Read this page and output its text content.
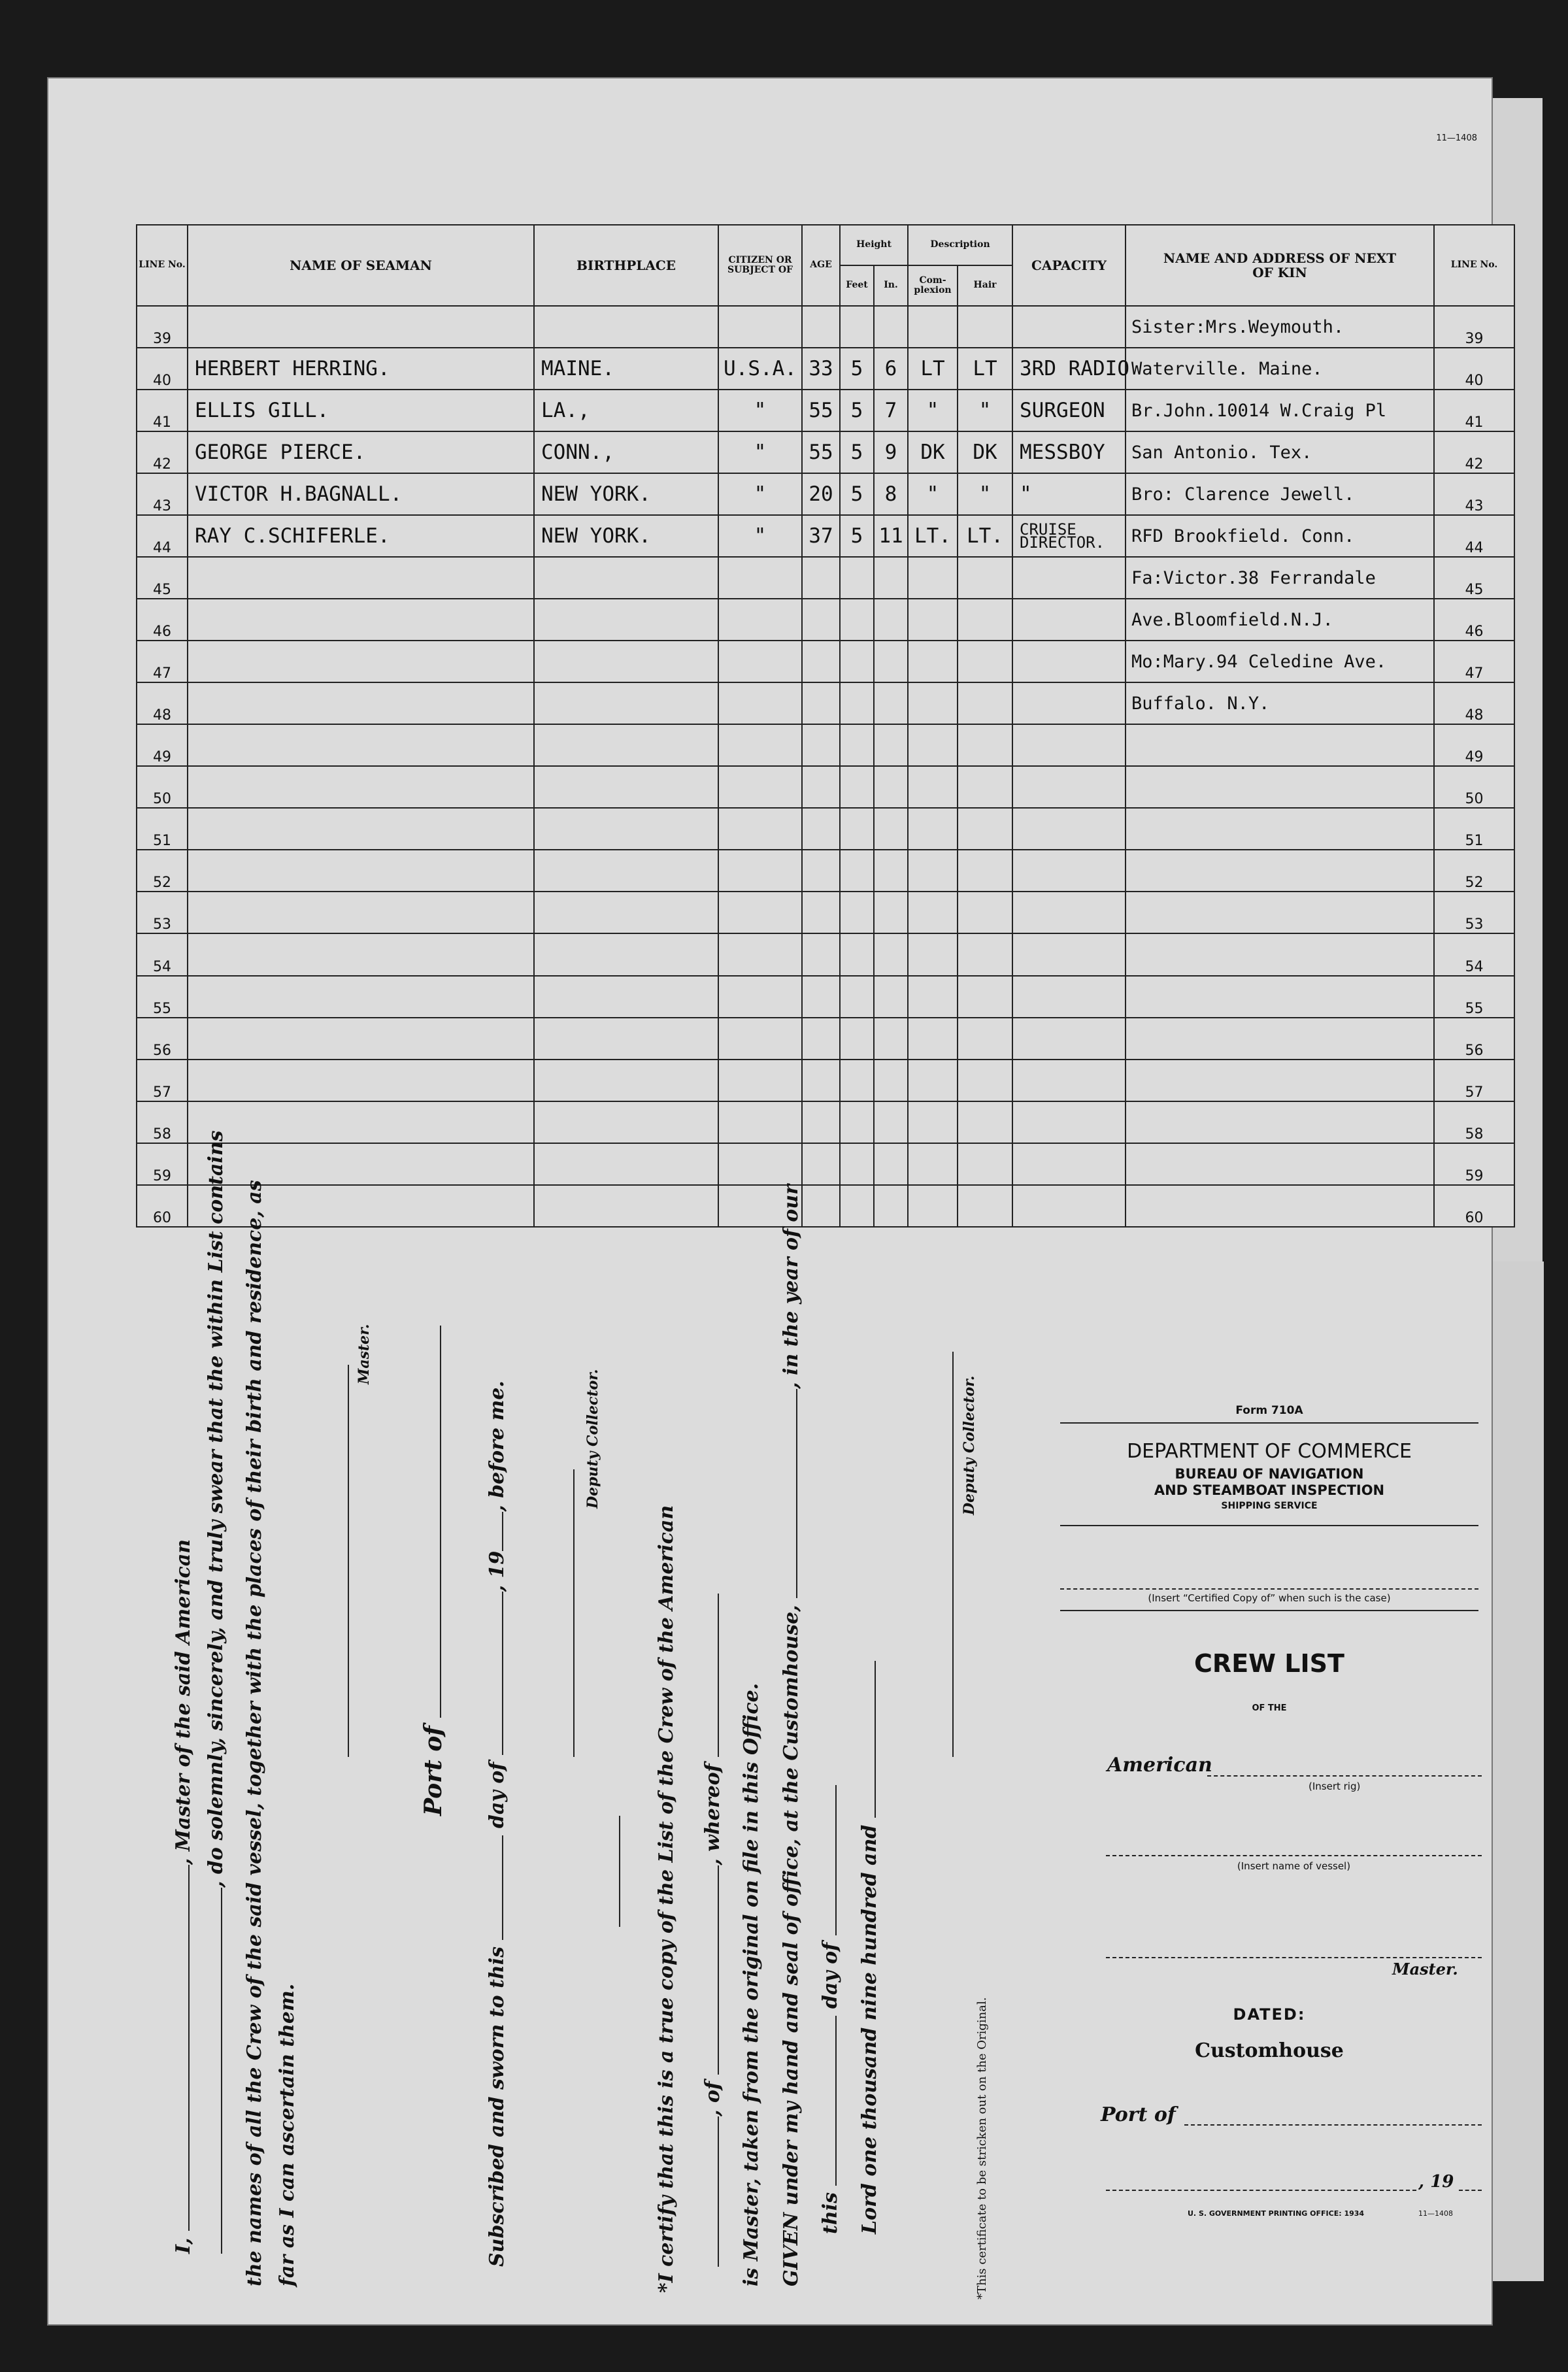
11—1408
LINE No.	NAME OF SEAMAN	BIRTHPLACE	CITIZEN OR SUBJECT OF	AGE	Height		Description		CAPACITY	NAME AND ADDRESS OF NEXT OF KIN	LINE No.
					Feet	In.	Com-plexion	Hair			
39										Sister:Mrs.Weymouth.	39
40	HERBERT HERRING.	MAINE.	U.S.A.	33	5	6	LT	LT	3RD RADIO	Waterville. Maine.	40
41	ELLIS GILL.	LA.,	"	55	5	7	"	"	SURGEON	Br.John.10014 W.Craig Pl	41
42	GEORGE PIERCE.	CONN.,	"	55	5	9	DK	DK	MESSBOY	San Antonio. Tex.	42
43	VICTOR H.BAGNALL.	NEW YORK.	"	20	5	8	"	"	"	Bro: Clarence Jewell.	43
44	RAY C.SCHIFERLE.	NEW YORK.	"	37	5	11	LT.	LT.	CRUISE DIRECTOR.	RFD Brookfield. Conn.	44
45										Fa:Victor.38 Ferrandale	45
46										Ave.Bloomfield.N.J.	46
47										Mo:Mary.94 Celedine Ave.	47
48										Buffalo. N.Y.	48
49											49
50											50
51											51
52											52
53											53
54											54
55											55
56											56
57											57
58											58
59											59
60											60
I, , Master of the said American , do solemnly, sincerely, and truly swear that the within List contains the names of all the Crew of the said vessel, together with the places of their birth and residence, as far as I can ascertain them.
Master.
Port of
Subscribed and sworn to this  day of , 19, before me.	Deputy Collector.
*I certify that this is a true copy of the List of the Crew of the American , of , whereof is Master, taken from the original on file in this Office. GIVEN under my hand and seal of office, at the Customhouse, , in the year of our
this  day of Lord one thousand nine hundred and
Deputy Collector.
*This certificate to be stricken out on the Original.
Form 710A
DEPARTMENT OF COMMERCE
BUREAU OF NAVIGATION
AND STEAMBOAT INSPECTION
SHIPPING SERVICE
(Insert “Certified Copy of” when such is the case)
CREW LIST
OF THE
American
(Insert rig)
(Insert name of vessel)
Master.
DATED:
Customhouse
Port of
, 19
U. S. GOVERNMENT PRINTING OFFICE: 1934	11—1408
